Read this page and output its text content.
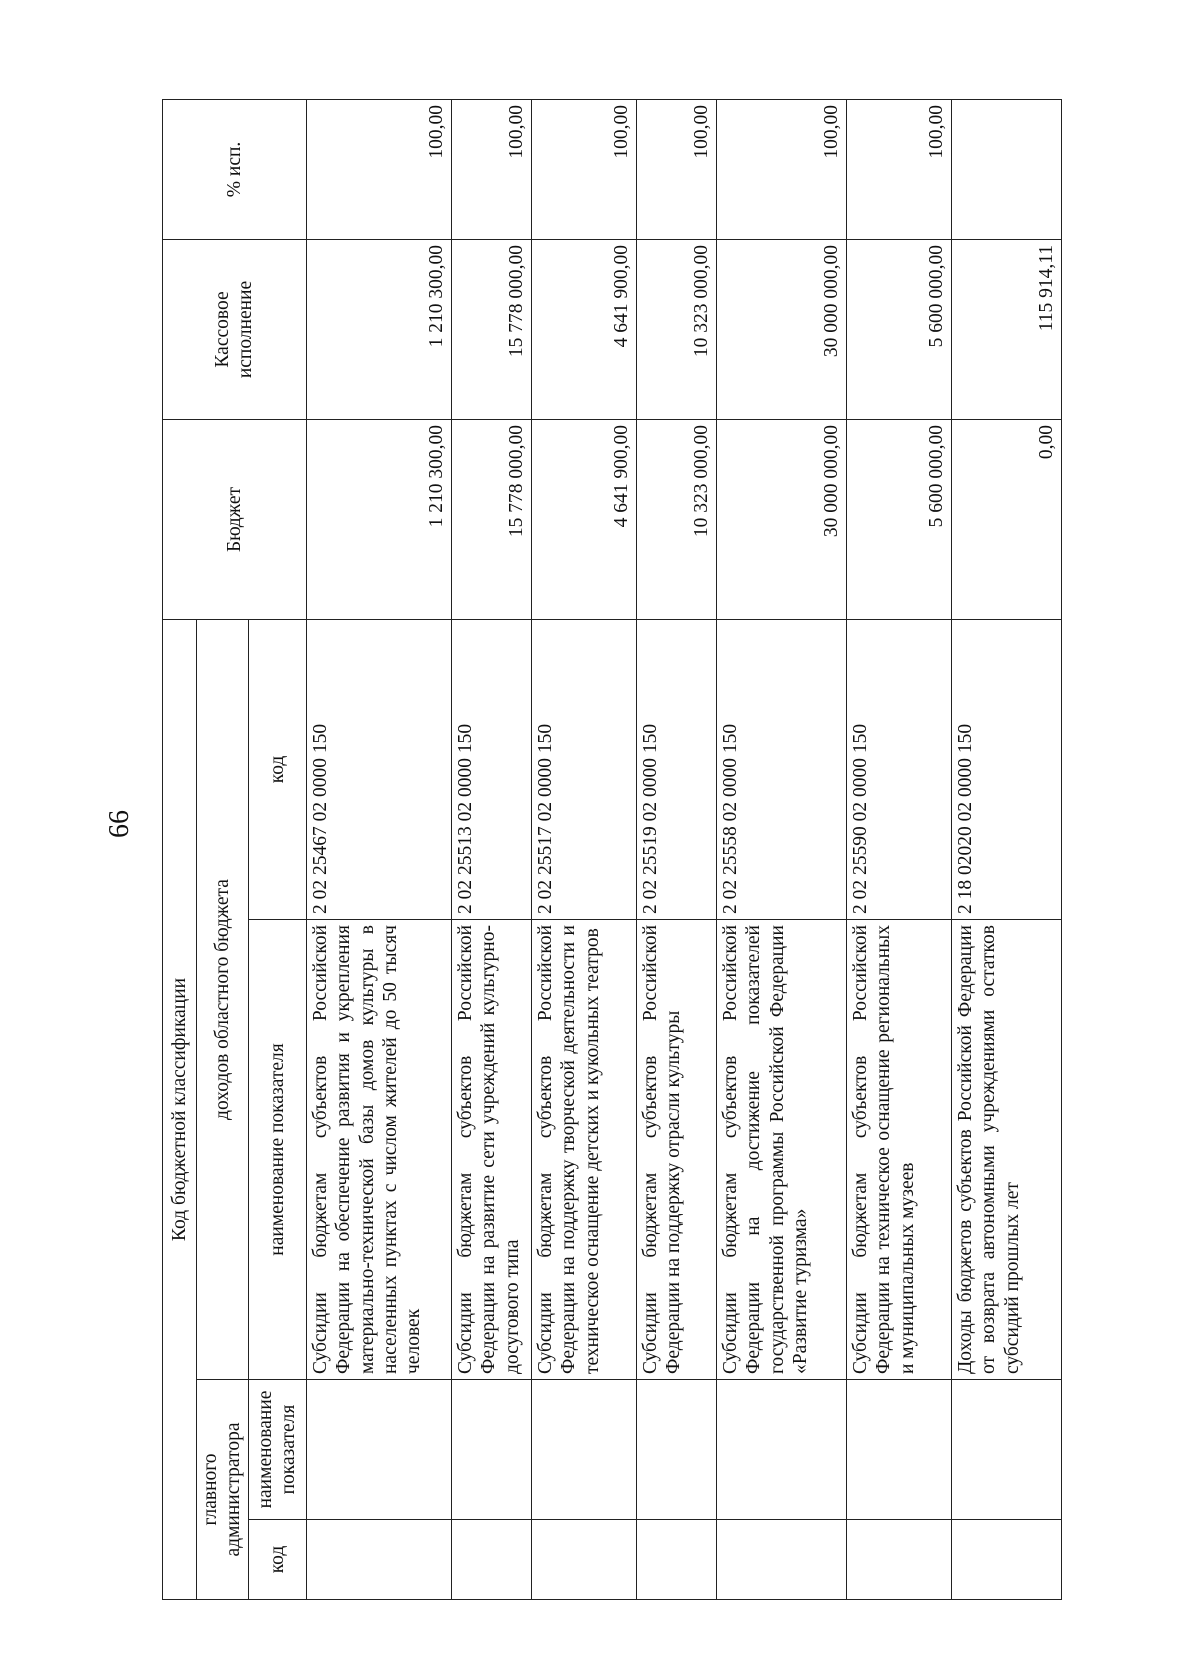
66
Код бюджетной классификации				Бюджет	Кассовое исполнение	% исп.
главного администратора		доходов областного бюджета				
код	наименование показателя	наименование показателя	код			
		Субсидии бюджетам субъектов Российской Федерации на обеспечение развития и укрепления материально-технической базы домов культуры в населенных пунктах с числом жителей до 50 тысяч человек	2 02 25467 02 0000 150	1 210 300,00	1 210 300,00	100,00
		Субсидии бюджетам субъектов Российской Федерации на развитие сети учреждений культурно-досугового типа	2 02 25513 02 0000 150	15 778 000,00	15 778 000,00	100,00
		Субсидии бюджетам субъектов Российской Федерации на поддержку творческой деятельности и техническое оснащение детских и кукольных театров	2 02 25517 02 0000 150	4 641 900,00	4 641 900,00	100,00
		Субсидии бюджетам субъектов Российской Федерации на поддержку отрасли культуры	2 02 25519 02 0000 150	10 323 000,00	10 323 000,00	100,00
		Субсидии бюджетам субъектов Российской Федерации на достижение показателей государственной программы Российской Федерации «Развитие туризма»	2 02 25558 02 0000 150	30 000 000,00	30 000 000,00	100,00
		Субсидии бюджетам субъектов Российской Федерации на техническое оснащение региональных и муниципальных музеев	2 02 25590 02 0000 150	5 600 000,00	5 600 000,00	100,00
		Доходы бюджетов субъектов Российской Федерации от возврата автономными учреждениями остатков субсидий прошлых лет	2 18 02020 02 0000 150	0,00	115 914,11	
